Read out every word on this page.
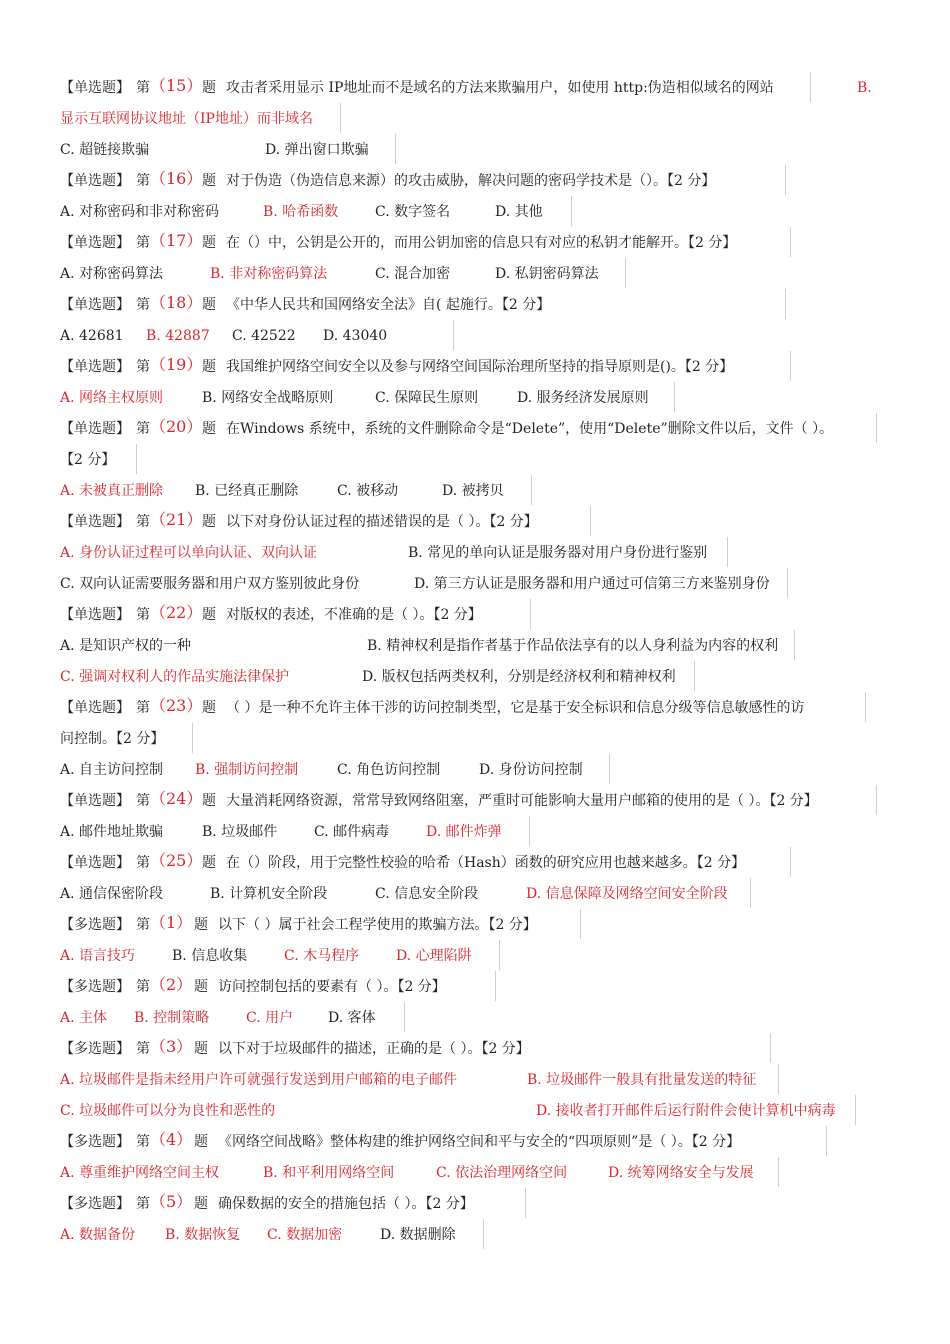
【单选题】 第 （15） 题 攻击者采用显示 IP地址而不是域名的方法来欺骗用户，如使用 http:伪造相似域名的网站	B.
显示互联网协议地址（IP地址）而非域名
C. 超链接欺骗	D. 弹出窗口欺骗
【单选题】 第 （16） 题 对于伪造（伪造信息来源）的攻击威胁，解决问题的密码学技术是（）。【2 分】
A. 对称密码和非对称密码	B. 哈希函数	C. 数字签名	D. 其他
【单选题】 第 （17） 题 在（）中，公钥是公开的，而用公钥加密的信息只有对应的私钥才能解开。【2 分】
A. 对称密码算法	B. 非对称密码算法	C. 混合加密	D. 私钥密码算法
【单选题】 第 （18） 题 《中华人民共和国网络安全法》自( 起施行。【2 分】
A. 42681 B. 42887 C. 42522 D. 43040
【单选题】 第 （19） 题 我国维护网络空间安全以及参与网络空间国际治理所坚持的指导原则是()。【2 分】
A. 网络主权原则	B. 网络安全战略原则	C. 保障民生原则	D. 服务经济发展原则
【单选题】 第 （20） 题 在Windows 系统中，系统的文件删除命令是“Delete”，使用“Delete”删除文件以后，文件（ ）。
【2 分】
A. 未被真正删除 B. 已经真正删除	C. 被移动	D. 被拷贝
【单选题】 第 （21） 题 以下对身份认证过程的描述错误的是（ ）。【2 分】
A. 身份认证过程可以单向认证、双向认证	B. 常见的单向认证是服务器对用户身份进行鉴别
C. 双向认证需要服务器和用户双方鉴别彼此身份	D. 第三方认证是服务器和用户通过可信第三方来鉴别身份
【单选题】 第 （22） 题 对版权的表述，不准确的是（ ）。【2 分】
A. 是知识产权的一种	B. 精神权利是指作者基于作品依法享有的以人身利益为内容的权利
C. 强调对权利人的作品实施法律保护	D. 版权包括两类权利，分别是经济权利和精神权利
【单选题】 第 （23） 题 （ ）是一种不允许主体干涉的访问控制类型，它是基于安全标识和信息分级等信息敏感性的访
问控制。【2 分】
A. 自主访问控制 B. 强制访问控制	C. 角色访问控制	D. 身份访问控制
【单选题】 第 （24） 题 大量消耗网络资源，常常导致网络阻塞，严重时可能影响大量用户邮箱的使用的是（ ）。【2 分】
A. 邮件地址欺骗	B. 垃圾邮件	C. 邮件病毒	D. 邮件炸弹
【单选题】 第 （25） 题 在（）阶段，用于完整性校验的哈希（Hash）函数的研究应用也越来越多。【2 分】
A. 通信保密阶段	B. 计算机安全阶段	C. 信息安全阶段	D. 信息保障及网络空间安全阶段
【多选题】 第 （1） 题 以下（ ）属于社会工程学使用的欺骗方法。【2 分】
A. 语言技巧	B. 信息收集	C. 木马程序	D. 心理陷阱
【多选题】 第 （2） 题 访问控制包括的要素有（ ）。【2 分】
A. 主体 B. 控制策略	C. 用户 D. 客体
【多选题】 第 （3） 题 以下对于垃圾邮件的描述，正确的是（ ）。【2 分】
A. 垃圾邮件是指未经用户许可就强行发送到用户邮箱的电子邮件	B. 垃圾邮件一般具有批量发送的特征
C. 垃圾邮件可以分为良性和恶性的	D. 接收者打开邮件后运行附件会使计算机中病毒
【多选题】 第 （4） 题 《网络空间战略》整体构建的维护网络空间和平与安全的“四项原则”是（ ）。【2 分】
A. 尊重维护网络空间主权	B. 和平利用网络空间	C. 依法治理网络空间	D. 统筹网络安全与发展
【多选题】 第 （5） 题 确保数据的安全的措施包括（ ）。【2 分】
A. 数据备份 B. 数据恢复 C. 数据加密	D. 数据删除
